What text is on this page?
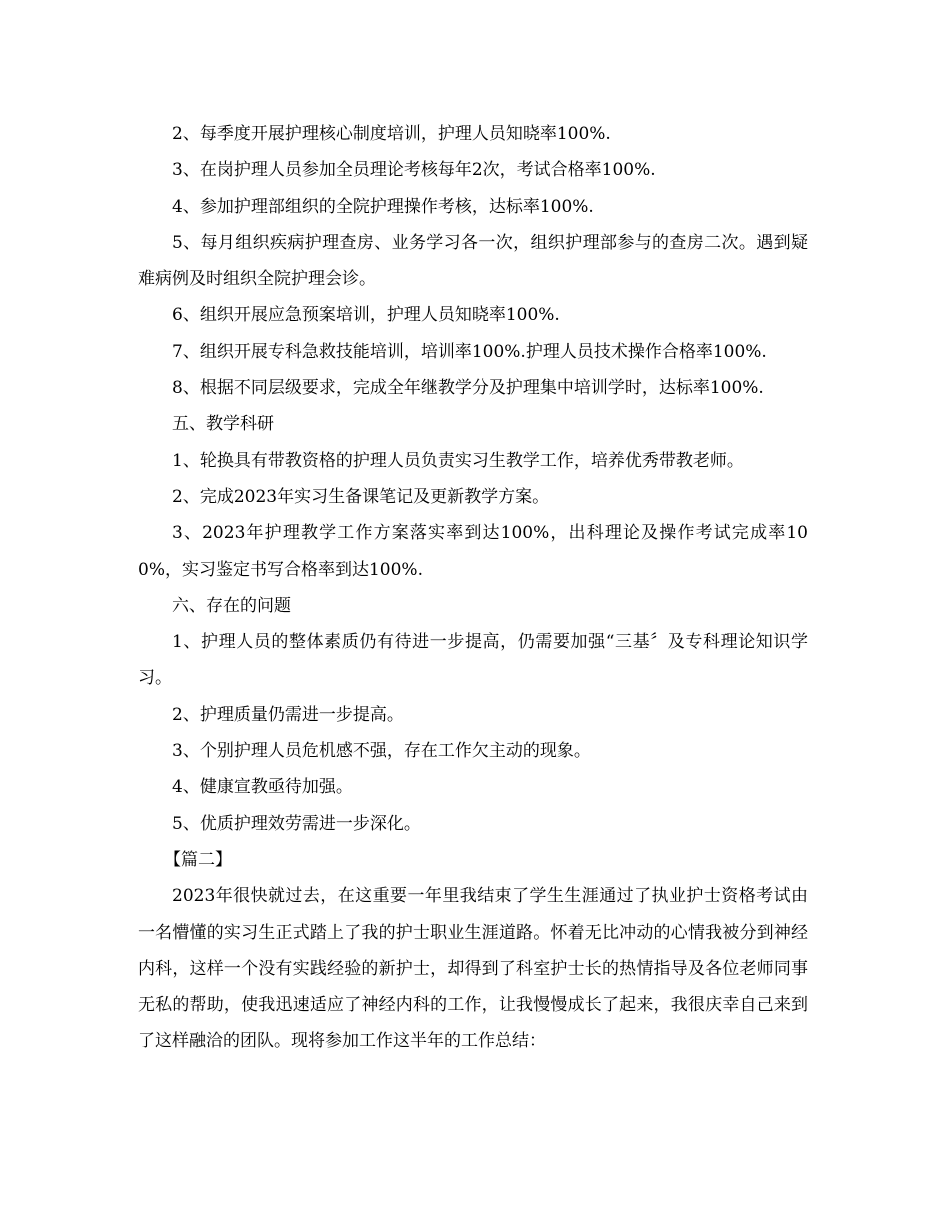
2、每季度开展护理核心制度培训，护理人员知晓率100%.

3、在岗护理人员参加全员理论考核每年2次，考试合格率100%.

4、参加护理部组织的全院护理操作考核，达标率100%.

5、每月组织疾病护理查房、业务学习各一次，组织护理部参与的查房二次。遇到疑难病例及时组织全院护理会诊。

6、组织开展应急预案培训，护理人员知晓率100%.

7、组织开展专科急救技能培训，培训率100%.护理人员技术操作合格率100%.

8、根据不同层级要求，完成全年继教学分及护理集中培训学时，达标率100%.

五、教学科研

1、轮换具有带教资格的护理人员负责实习生教学工作，培养优秀带教老师。

2、完成2023年实习生备课笔记及更新教学方案。

3、2023年护理教学工作方案落实率到达100%，出科理论及操作考试完成率100%，实习鉴定书写合格率到达100%.

六、存在的问题

1、护理人员的整体素质仍有待进一步提高，仍需要加强“三基〞及专科理论知识学习。

2、护理质量仍需进一步提高。

3、个别护理人员危机感不强，存在工作欠主动的现象。

4、健康宣教亟待加强。

5、优质护理效劳需进一步深化。

【篇二】

2023年很快就过去，在这重要一年里我结束了学生生涯通过了执业护士资格考试由一名懵懂的实习生正式踏上了我的护士职业生涯道路。怀着无比冲动的心情我被分到神经内科，这样一个没有实践经验的新护士，却得到了科室护士长的热情指导及各位老师同事无私的帮助，使我迅速适应了神经内科的工作，让我慢慢成长了起来，我很庆幸自己来到了这样融洽的团队。现将参加工作这半年的工作总结：
